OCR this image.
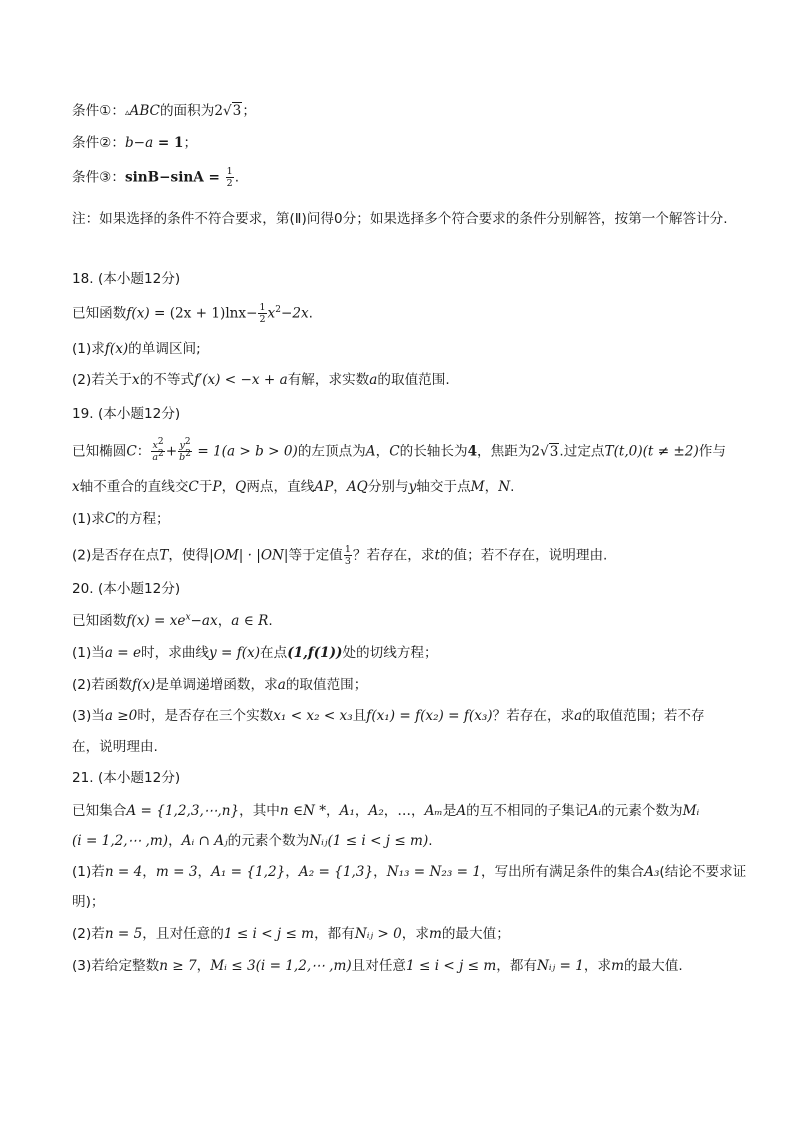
条件①：▵ABC的面积为2√3；
条件②：b−a = 1；
条件③：$\sin B-\sin A = \frac{1}{2}$ .
注：如果选择的条件不符合要求，第(Ⅱ)问得0分；如果选择多个符合要求的条件分别解答，按第一个解答计分.
18. (本小题12分)
已知函数$f(x) = (2x + 1)\ln x- \frac{1}{2} x^2-2x$.
(1)求f(x)的单调区间;
(2)若关于x的不等式f′(x) < −x + a有解，求实数a的取值范围.
19. (本小题12分)
已知椭圆C： $\frac{x^2}{a^2} + \frac{y^2}{b^2} = 1(a > b > 0)$的左顶点为A，C的长轴长为4，焦距为2√3.过定点T(t,0)(t ≠ ±2)作与
x轴不重合的直线交C于P，Q两点，直线AP，AQ分别与y轴交于点M，N.
(1)求C的方程；
(2)是否存在点T，使得|OM| · |ON|等于定值 $\frac{1}{3}$ ？若存在，求t的值；若不存在，说明理由.
20. (本小题12分)
已知函数$f(x) = xe^x-ax$，a ∈ R.
(1)当a = e时，求曲线y = f(x)在点(1,f(1))处的切线方程；
(2)若函数f(x)是单调递增函数，求a的取值范围；
(3)当a ≥0时，是否存在三个实数x₁ < x₂ < x₃且f(x₁) = f(x₂) = f(x₃)？若存在，求a的取值范围；若不存
在，说明理由.
21. (本小题12分)
已知集合A = {1,2,3,⋯,n}，其中n ∈N *，A₁，A₂，…，Aₘ是A的互不相同的子集记Aᵢ的元素个数为Mᵢ
(i = 1,2,⋯ ,m)，Aᵢ ∩ Aⱼ的元素个数为Nᵢⱼ(1 ≤ i < j ≤ m).
(1)若n = 4，m = 3，A₁ = {1,2}，A₂ = {1,3}，N₁₃ = N₂₃ = 1，写出所有满足条件的集合A₃(结论不要求证
明)；
(2)若n = 5，且对任意的1 ≤ i < j ≤ m，都有Nᵢⱼ > 0，求m的最大值；
(3)若给定整数n ≥ 7，Mᵢ ≤ 3(i = 1,2,⋯ ,m)且对任意1 ≤ i < j ≤ m，都有Nᵢⱼ = 1，求m的最大值.
